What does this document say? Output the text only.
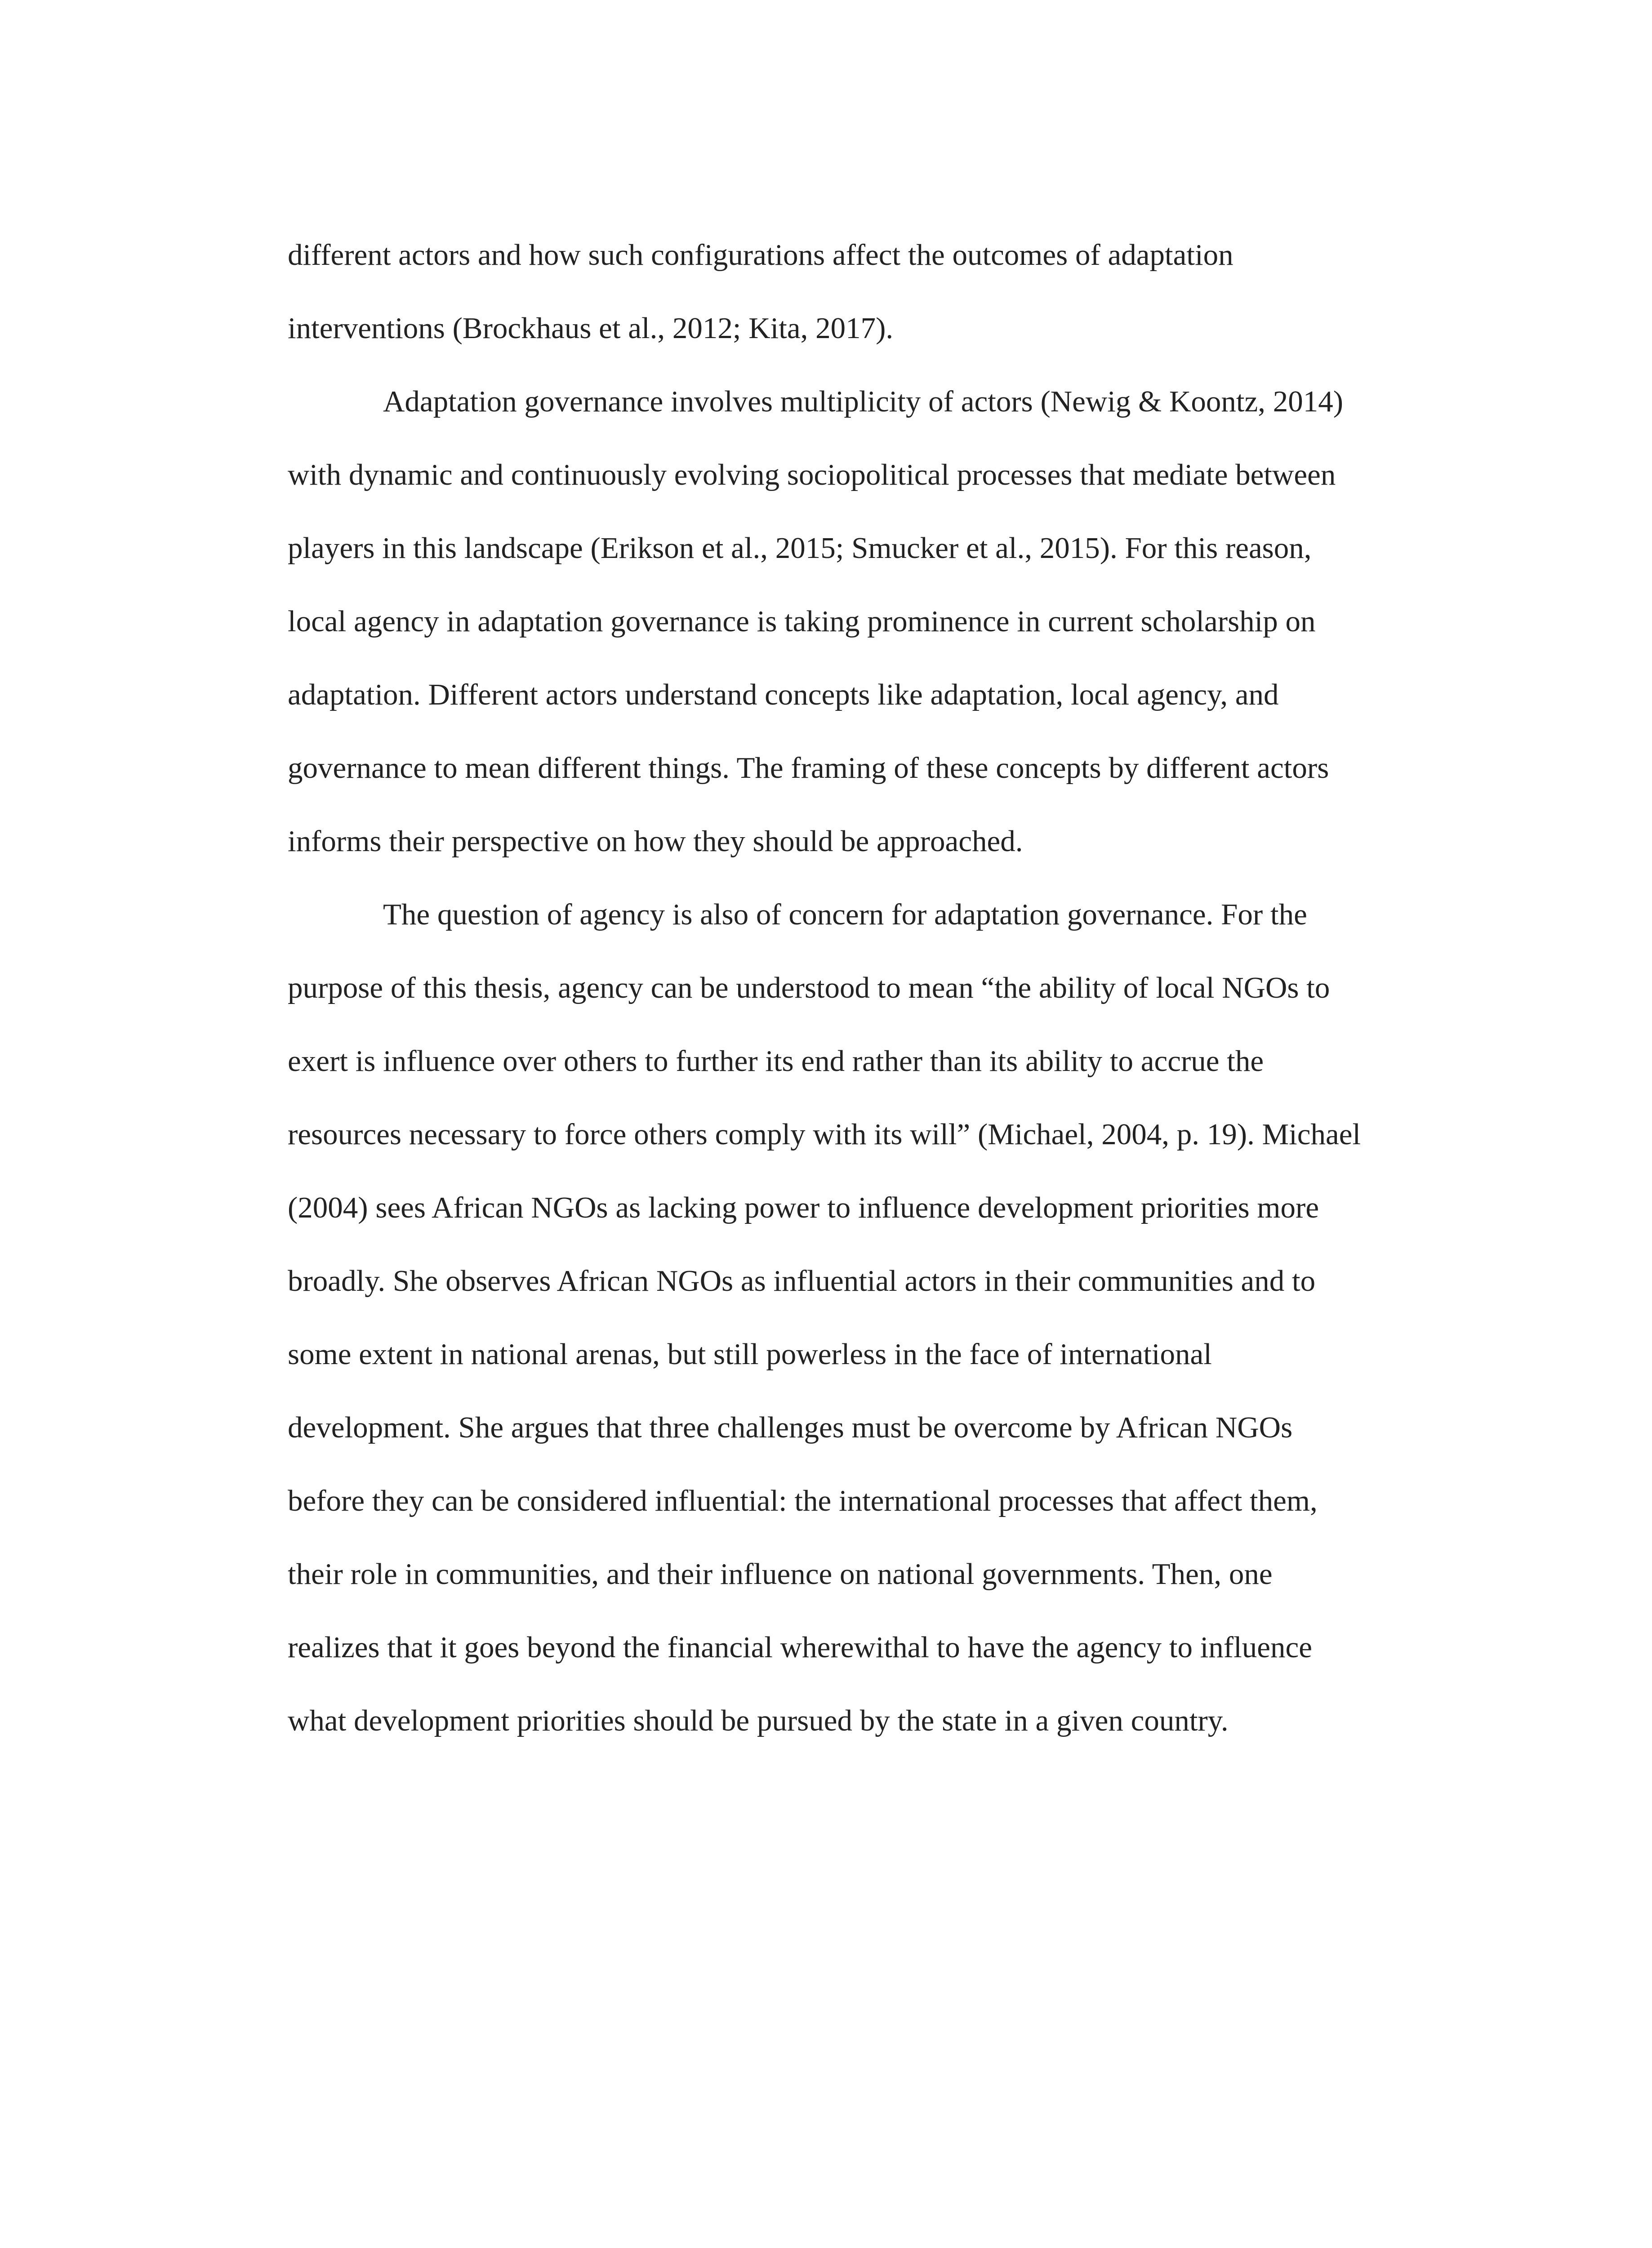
different actors and how such configurations affect the outcomes of adaptation
interventions (Brockhaus et al., 2012; Kita, 2017).
Adaptation governance involves multiplicity of actors (Newig & Koontz, 2014)
with dynamic and continuously evolving sociopolitical processes that mediate between
players in this landscape (Erikson et al., 2015; Smucker et al., 2015). For this reason,
local agency in adaptation governance is taking prominence in current scholarship on
adaptation. Different actors understand concepts like adaptation, local agency, and
governance to mean different things. The framing of these concepts by different actors
informs their perspective on how they should be approached.
The question of agency is also of concern for adaptation governance. For the
purpose of this thesis, agency can be understood to mean “the ability of local NGOs to
exert is influence over others to further its end rather than its ability to accrue the
resources necessary to force others comply with its will” (Michael, 2004, p. 19). Michael
(2004) sees African NGOs as lacking power to influence development priorities more
broadly. She observes African NGOs as influential actors in their communities and to
some extent in national arenas, but still powerless in the face of international
development. She argues that three challenges must be overcome by African NGOs
before they can be considered influential: the international processes that affect them,
their role in communities, and their influence on national governments. Then, one
realizes that it goes beyond the financial wherewithal to have the agency to influence
what development priorities should be pursued by the state in a given country.
